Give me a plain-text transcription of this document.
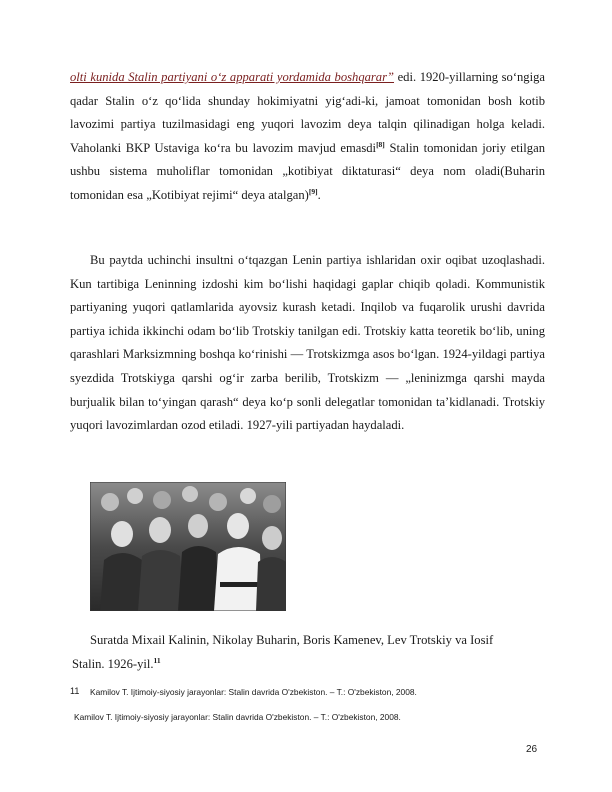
olti kunida Stalin partiyani o‘z apparati yordamida boshqarar” edi. 1920-yillarning so‘ngiga qadar Stalin o‘z qo‘lida shunday hokimiyatni yig‘adi-ki, jamoat tomonidan bosh kotib lavozimi partiya tuzilmasidagi eng yuqori lavozim deya talqin qilinadigan holga keladi. Vaholanki BKP Ustaviga ko‘ra bu lavozim mavjud emasdi[8] Stalin tomonidan joriy etilgan ushbu sistema muholiflar tomonidan „kotibiyat diktaturasi“ deya nom oladi(Buharin tomonidan esa „Kotibiyat rejimi“ deya atalgan)[9].
Bu paytda uchinchi insultni o‘tqazgan Lenin partiya ishlaridan oxir oqibat uzoqlashadi. Kun tartibiga Leninning izdoshi kim bo‘lishi haqidagi gaplar chiqib qoladi. Kommunistik partiyaning yuqori qatlamlarida ayovsiz kurash ketadi. Inqilob va fuqarolik urushi davrida partiya ichida ikkinchi odam bo‘lib Trotskiy tanilgan edi. Trotskiy katta teoretik bo‘lib, uning qarashlari Marksizmning boshqa ko‘rinishi — Trotskizmga asos bo‘lgan. 1924-yildagi partiya syezdida Trotskiyga qarshi og‘ir zarba berilib, Trotskizm — „leninizmga qarshi mayda burjualik bilan to‘yingan qarash“ deya ko‘p sonli delegatlar tomonidan ta’kidlanadi. Trotskiy yuqori lavozimlardan ozod etiladi. 1927-yili partiyadan haydaladi.
Suratda Mixail Kalinin, Nikolay Buharin, Boris Kamenev, Lev Trotskiy va Iosif
Stalin. 1926-yil.$^{11}$
11 Kamilov T. Ijtimoiy-siyosiy jarayonlar: Stalin davrida O'zbekiston. – T.: O'zbekiston, 2008.
Kamilov T. Ijtimoiy-siyosiy jarayonlar: Stalin davrida O'zbekiston. – T.: O'zbekiston, 2008.
26
